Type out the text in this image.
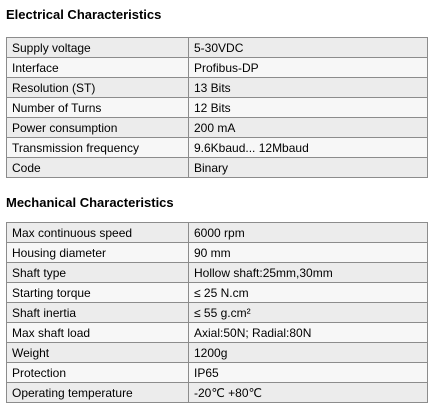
Electrical Characteristics
Supply voltage	5-30VDC
Interface	Profibus-DP
Resolution (ST)	13 Bits
Number of Turns	12 Bits
Power consumption	200 mA
Transmission frequency	9.6Kbaud... 12Mbaud
Code	Binary
Mechanical Characteristics
Max continuous speed	6000 rpm
Housing diameter	90 mm
Shaft type	Hollow shaft:25mm,30mm
Starting torque	≤ 25 N.cm
Shaft inertia	≤ 55 g.cm²
Max shaft load	Axial:50N; Radial:80N
Weight	1200g
Protection	IP65
Operating temperature	-20℃ +80℃
